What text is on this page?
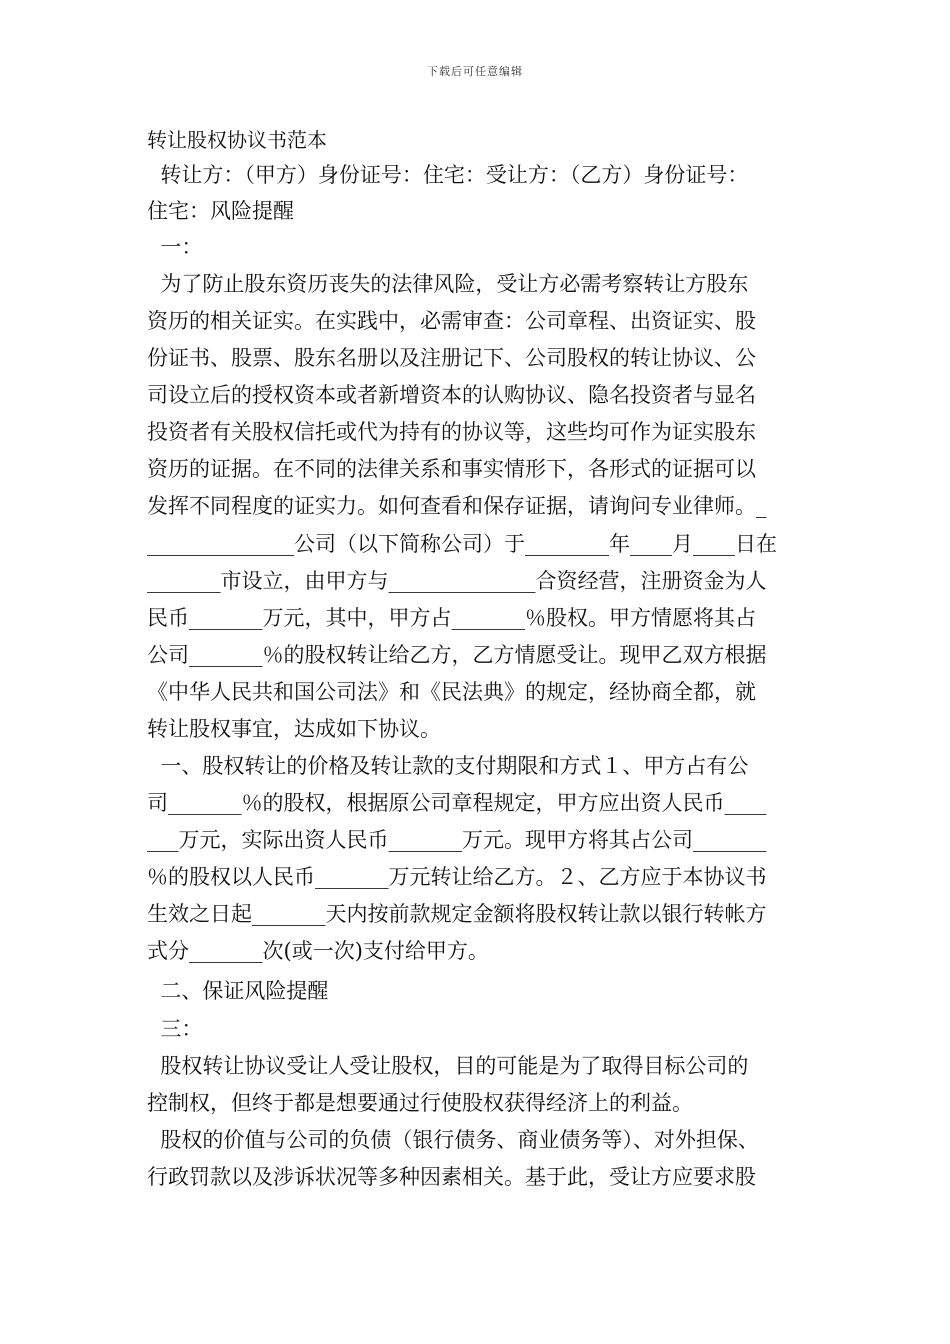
下载后可任意编辑
转让股权协议书范本
转让方：（甲方）身份证号：住宅：受让方：（乙方）身份证号：
住宅：风险提醒
一：
为了防止股东资历丧失的法律风险，受让方必需考察转让方股东
资历的相关证实。在实践中，必需审查：公司章程、出资证实、股
份证书、股票、股东名册以及注册记下、公司股权的转让协议、公
司设立后的授权资本或者新增资本的认购协议、隐名投资者与显名
投资者有关股权信托或代为持有的协议等，这些均可作为证实股东
资历的证据。在不同的法律关系和事实情形下，各形式的证据可以
发挥不同程度的证实力。如何查看和保存证据，请询问专业律师。_
______________公司（以下简称公司）于________年____月____日在
_______市设立，由甲方与______________合资经营，注册资金为人
民币_______万元，其中，甲方占_______％股权。甲方情愿将其占
公司_______％的股权转让给乙方，乙方情愿受让。现甲乙双方根据
《中华人民共和国公司法》和《民法典》的规定，经协商全都，就
转让股权事宜，达成如下协议。
一、股权转让的价格及转让款的支付期限和方式１、甲方占有公
司_______％的股权，根据原公司章程规定，甲方应出资人民币____
___万元，实际出资人民币_______万元。现甲方将其占公司_______
％的股权以人民币_______万元转让给乙方。２、乙方应于本协议书
生效之日起_______天内按前款规定金额将股权转让款以银行转帐方
式分_______次(或一次)支付给甲方。
二、保证风险提醒
三：
股权转让协议受让人受让股权，目的可能是为了取得目标公司的
控制权，但终于都是想要通过行使股权获得经济上的利益。
股权的价值与公司的负债（银行债务、商业债务等）、对外担保、
行政罚款以及涉诉状况等多种因素相关。基于此，受让方应要求股
